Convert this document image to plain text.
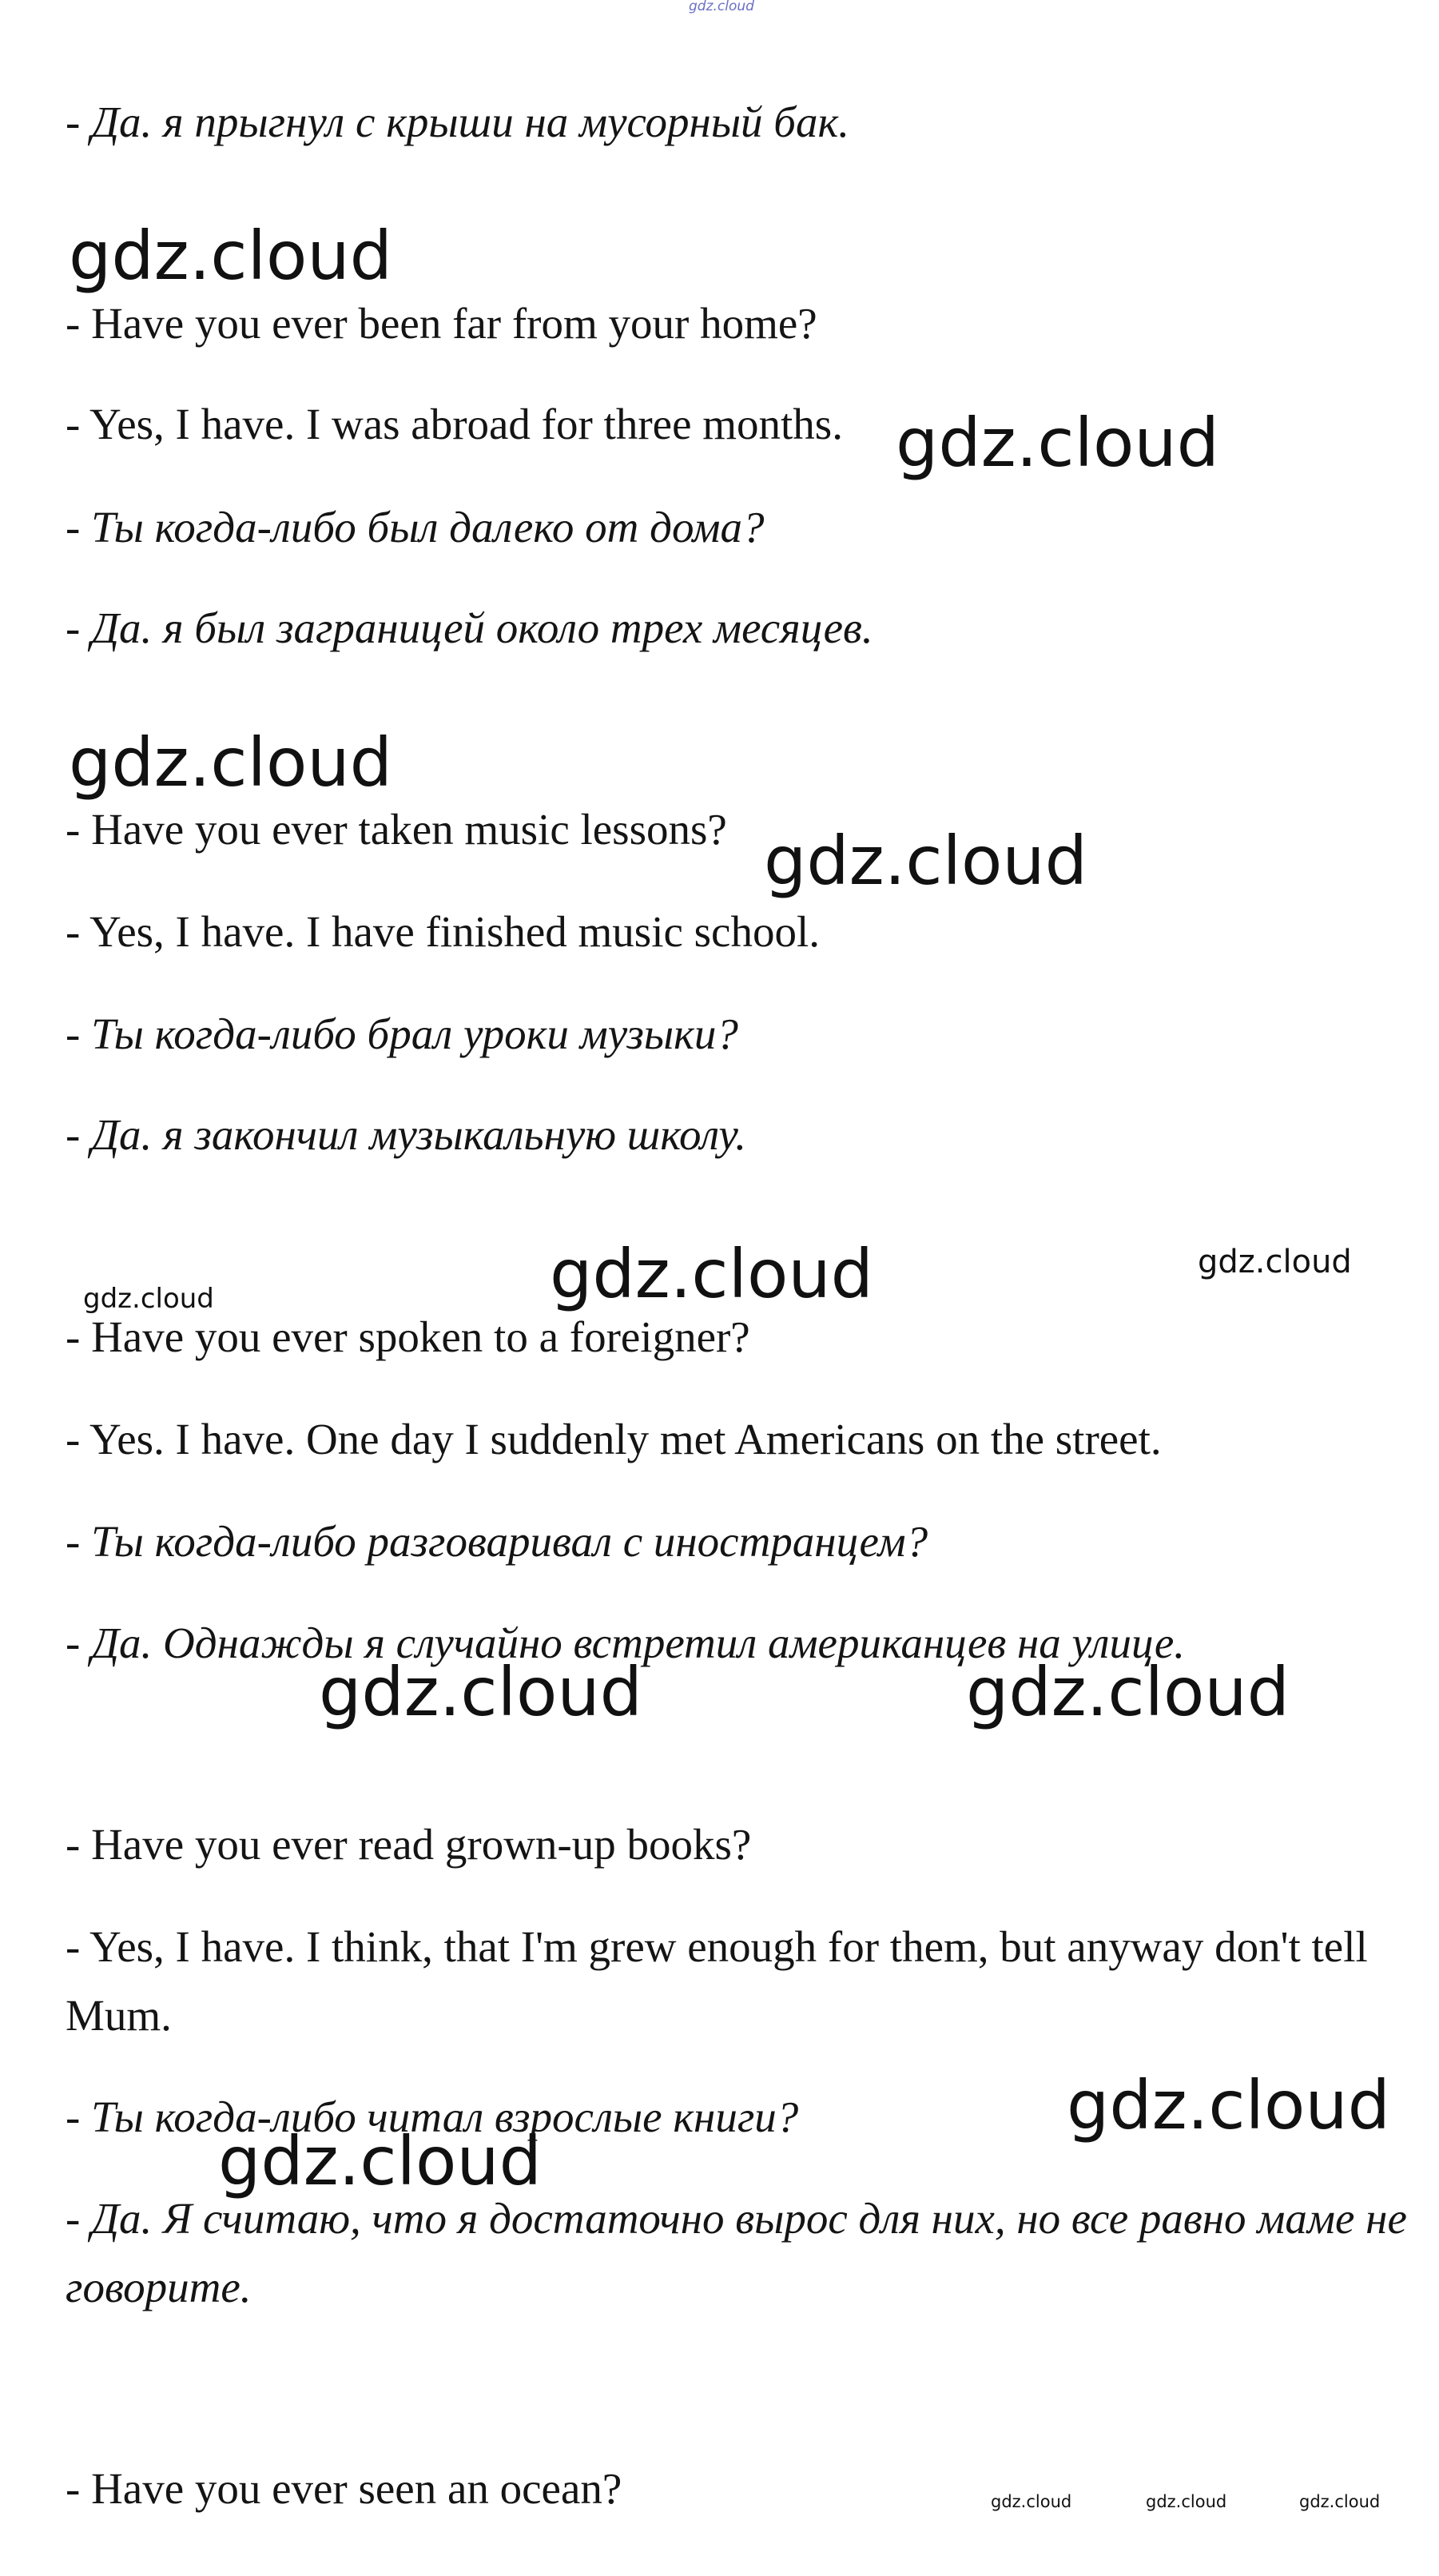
gdz.cloud

- Да. я прыгнул с крыши на мусорный бак.

- Have you ever been far from your home?

- Yes, I have. I was abroad for three months.

- Ты когда-либо был далеко от дома?

- Да. я был заграницей около трех месяцев.

- Have you ever taken music lessons?

- Yes, I have. I have finished music school.

- Ты когда-либо брал уроки музыки?

- Да. я закончил музыкальную школу.

- Have you ever spoken to a foreigner?

- Yes. I have. One day I suddenly met Americans on the street.

- Ты когда-либо разговаривал с иностранцем?

- Да. Однажды я случайно встретил американцев на улице.

- Have you ever read grown-up books?

- Yes, I have. I think, that I'm grew enough for them, but anyway don't tell Mum.

- Ты когда-либо читал взрослые книги?

- Да. Я считаю, что я достаточно вырос для них, но все равно маме не говорите.

- Have you ever seen an ocean?

gdz.cloud
gdz.cloud
gdz.cloud
gdz.cloud
gdz.cloud	gdz.cloud
gdz.cloud
gdz.cloud	gdz.cloud
gdz.cloud
gdz.cloud
gdz.cloud	gdz.cloud	gdz.cloud
